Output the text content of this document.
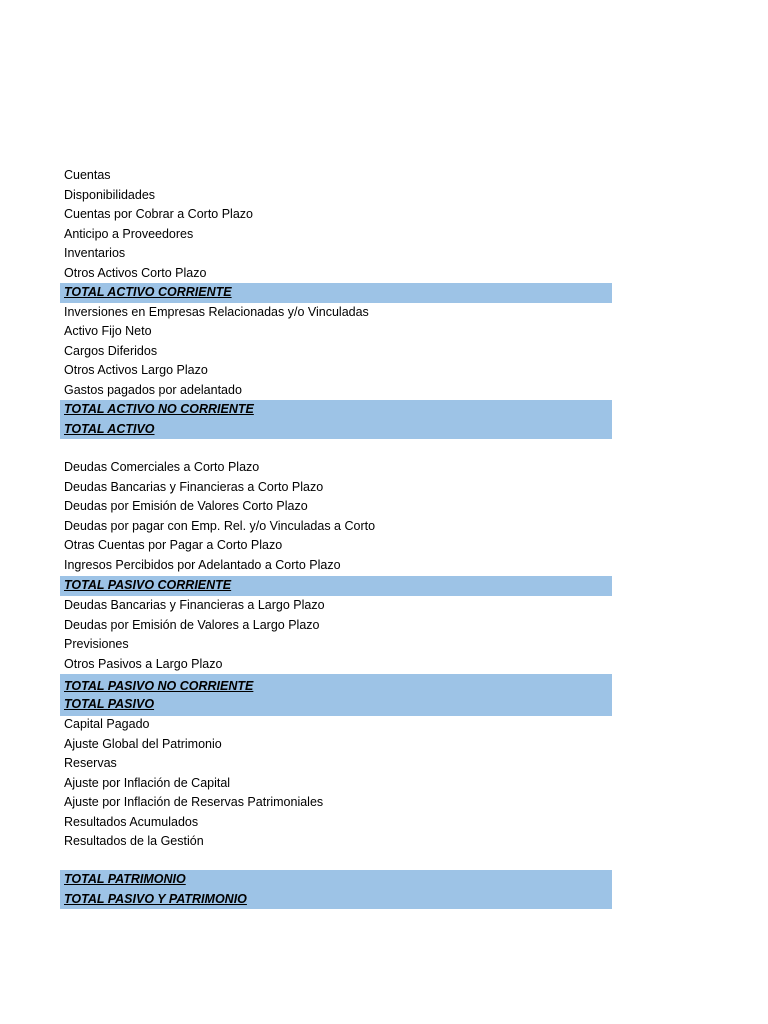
Cuentas
Disponibilidades
Cuentas por Cobrar a Corto Plazo
Anticipo a Proveedores
Inventarios
Otros Activos Corto Plazo
TOTAL ACTIVO CORRIENTE
Inversiones en Empresas Relacionadas y/o Vinculadas
Activo Fijo Neto
Cargos Diferidos
Otros Activos Largo Plazo
Gastos pagados por adelantado
TOTAL ACTIVO NO CORRIENTE
TOTAL ACTIVO
Deudas Comerciales a Corto Plazo
Deudas Bancarias y Financieras a Corto Plazo
Deudas por Emisión de Valores Corto Plazo
Deudas por pagar con Emp. Rel. y/o Vinculadas a Corto
Otras Cuentas por Pagar a Corto Plazo
Ingresos Percibidos por Adelantado a Corto Plazo
TOTAL PASIVO CORRIENTE
Deudas Bancarias y Financieras a Largo Plazo
Deudas por Emisión de Valores a Largo Plazo
Previsiones
Otros Pasivos a Largo Plazo
TOTAL PASIVO NO CORRIENTE
TOTAL PASIVO
Capital Pagado
Ajuste Global del Patrimonio
Reservas
Ajuste por Inflación de Capital
Ajuste por Inflación de Reservas Patrimoniales
Resultados Acumulados
Resultados de la Gestión
TOTAL PATRIMONIO
TOTAL PASIVO Y PATRIMONIO
